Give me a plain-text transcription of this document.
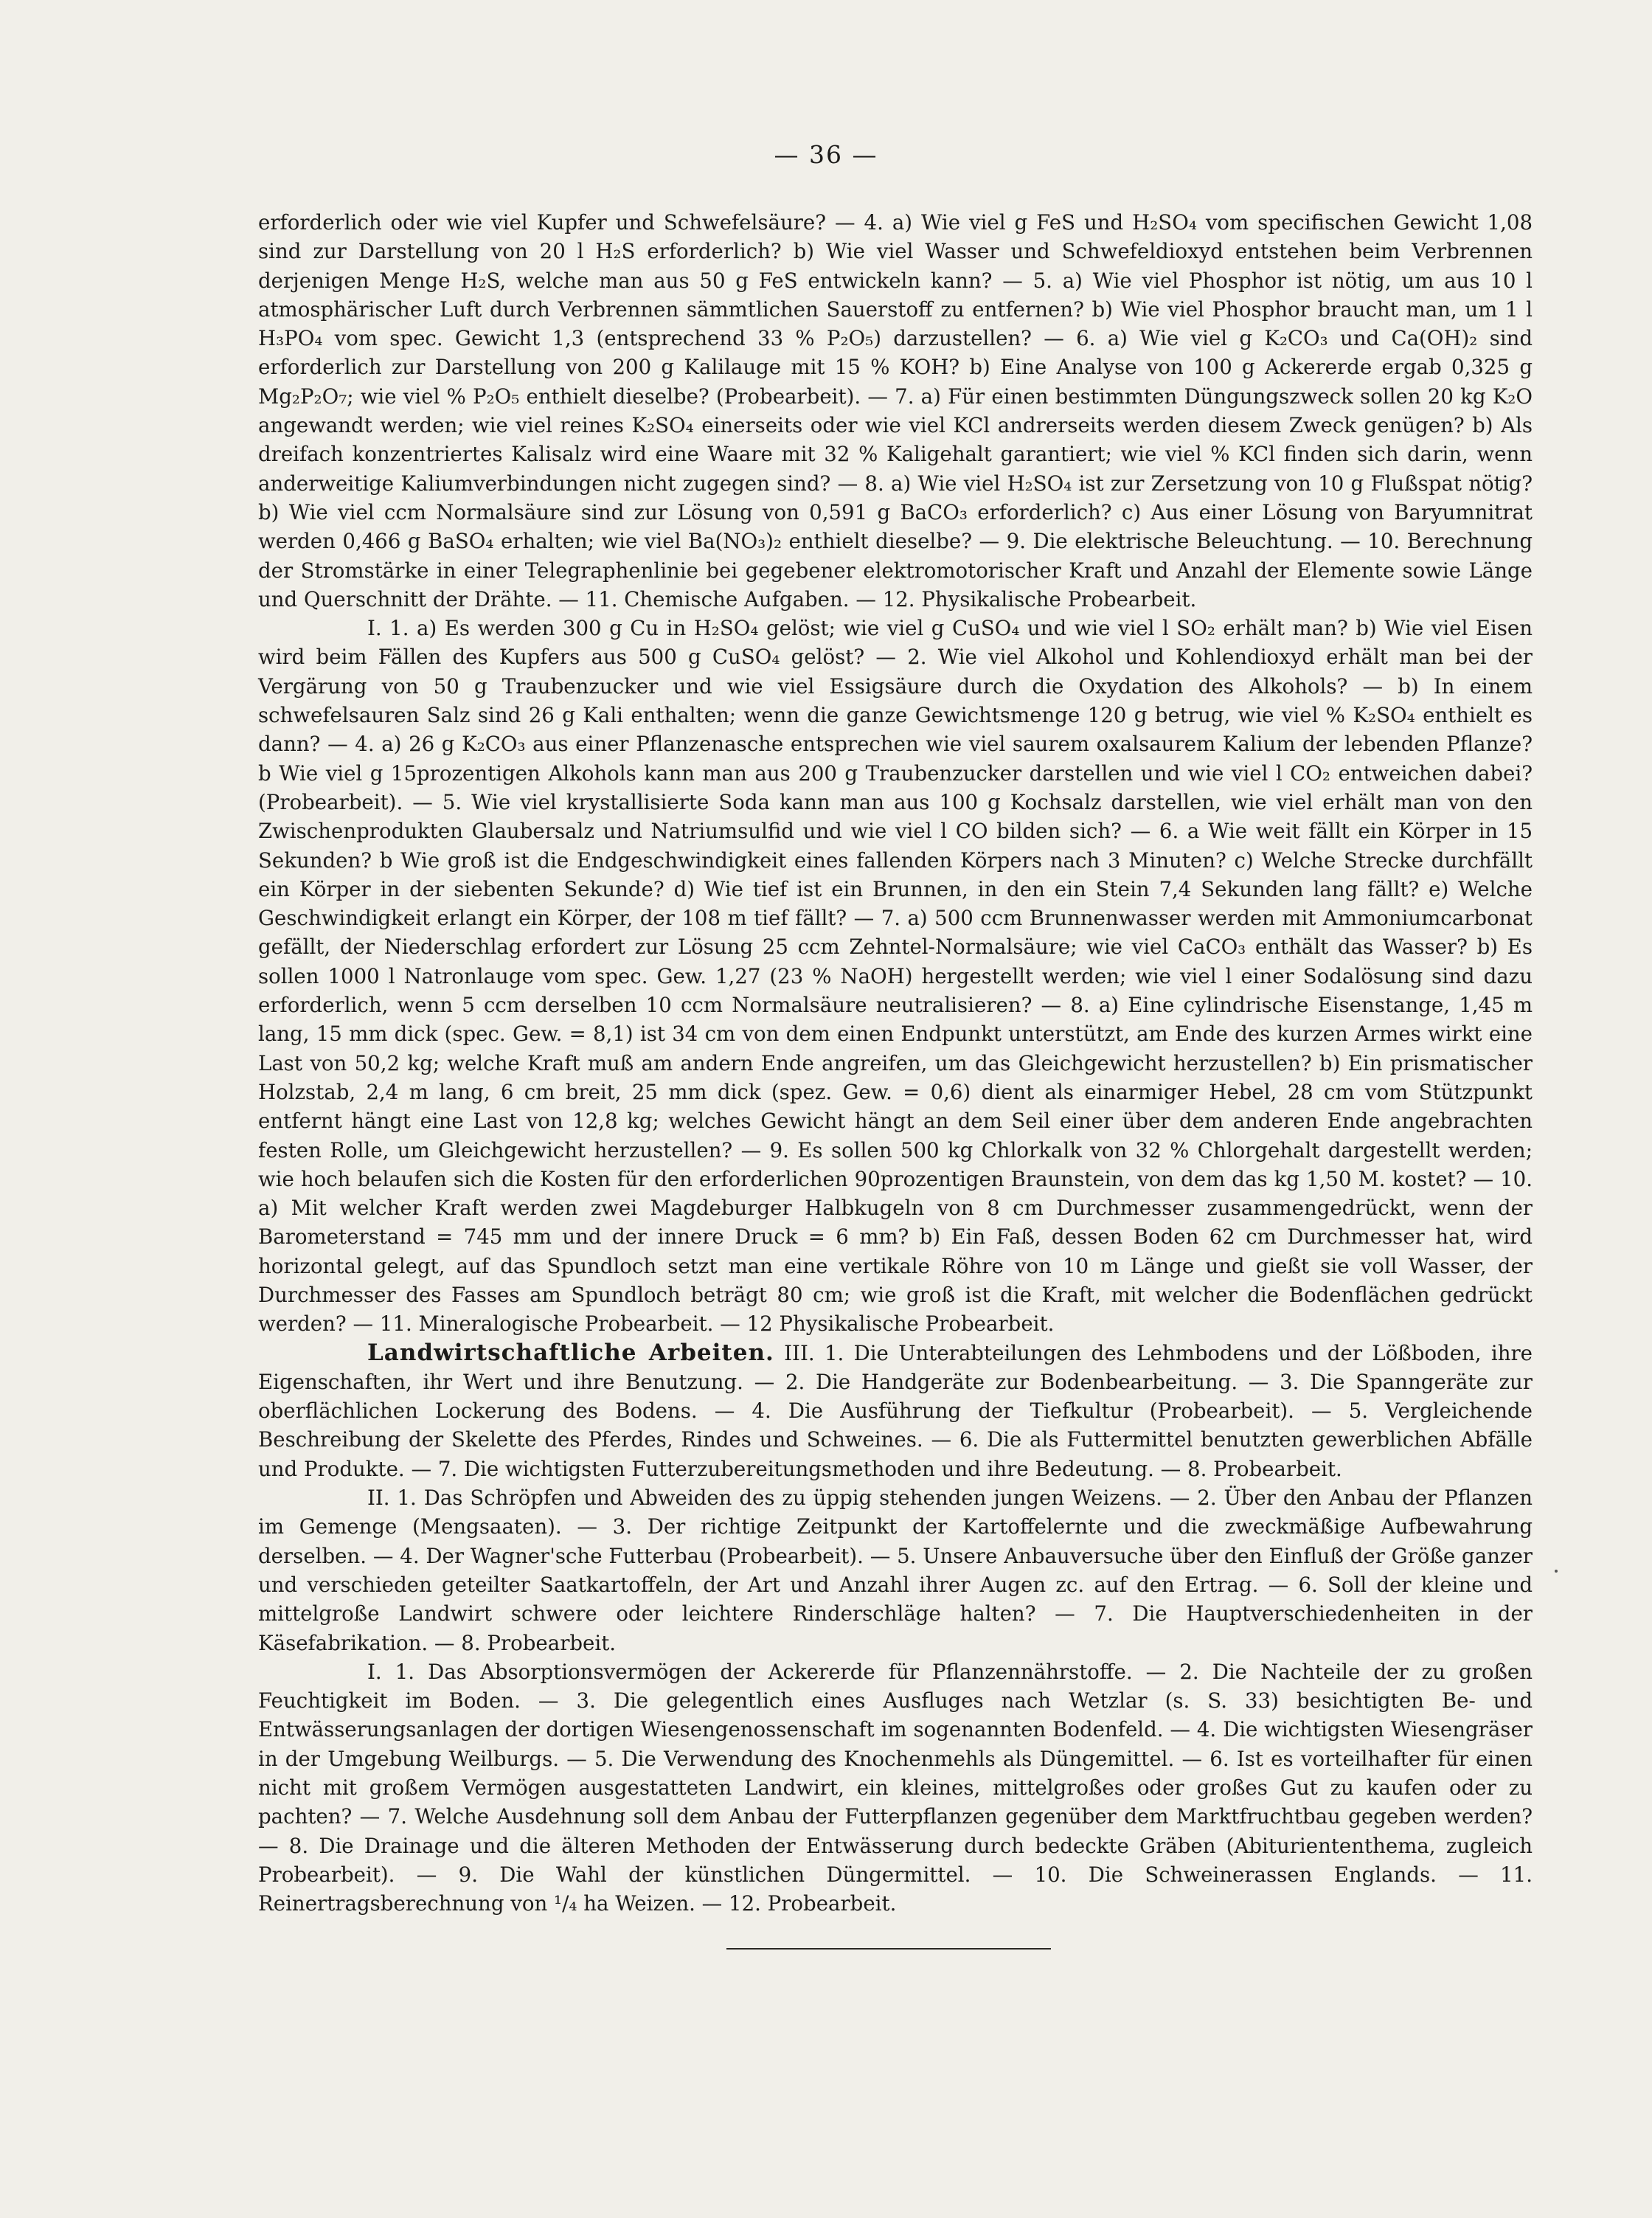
— 36 —

erforderlich oder wie viel Kupfer und Schwefelsäure? — 4. a) Wie viel g FeS und H₂SO₄ vom specifischen Gewicht 1,08 sind zur Darstellung von 20 l H₂S erforderlich? b) Wie viel Wasser und Schwefeldioxyd entstehen beim Verbrennen derjenigen Menge H₂S, welche man aus 50 g FeS entwickeln kann? — 5. a) Wie viel Phosphor ist nötig, um aus 10 l atmosphärischer Luft durch Verbrennen sämmtlichen Sauerstoff zu entfernen? b) Wie viel Phosphor braucht man, um 1 l H₃PO₄ vom spec. Gewicht 1,3 (entsprechend 33 % P₂O₅) darzustellen? — 6. a) Wie viel g K₂CO₃ und Ca(OH)₂ sind erforderlich zur Darstellung von 200 g Kalilauge mit 15 % KOH? b) Eine Analyse von 100 g Ackererde ergab 0,325 g Mg₂P₂O₇; wie viel % P₂O₅ enthielt dieselbe? (Probearbeit). — 7. a) Für einen bestimmten Düngungszweck sollen 20 kg K₂O angewandt werden; wie viel reines K₂SO₄ einerseits oder wie viel KCl andrerseits werden diesem Zweck genügen? b) Als dreifach konzentriertes Kalisalz wird eine Waare mit 32 % Kaligehalt garantiert; wie viel % KCl finden sich darin, wenn anderweitige Kaliumverbindungen nicht zugegen sind? — 8. a) Wie viel H₂SO₄ ist zur Zersetzung von 10 g Flußspat nötig? b) Wie viel ccm Normalsäure sind zur Lösung von 0,591 g BaCO₃ erforderlich? c) Aus einer Lösung von Baryumnitrat werden 0,466 g BaSO₄ erhalten; wie viel Ba(NO₃)₂ enthielt dieselbe? — 9. Die elektrische Beleuchtung. — 10. Berechnung der Stromstärke in einer Telegraphenlinie bei gegebener elektromotorischer Kraft und Anzahl der Elemente sowie Länge und Querschnitt der Drähte. — 11. Chemische Aufgaben. — 12. Physikalische Probearbeit.

I. 1. a) Es werden 300 g Cu in H₂SO₄ gelöst; wie viel g CuSO₄ und wie viel l SO₂ erhält man? b) Wie viel Eisen wird beim Fällen des Kupfers aus 500 g CuSO₄ gelöst? — 2. Wie viel Alkohol und Kohlendioxyd erhält man bei der Vergärung von 50 g Traubenzucker und wie viel Essigsäure durch die Oxydation des Alkohols? — b) In einem schwefelsauren Salz sind 26 g Kali enthalten; wenn die ganze Gewichtsmenge 120 g betrug, wie viel % K₂SO₄ enthielt es dann? — 4. a) 26 g K₂CO₃ aus einer Pflanzenasche entsprechen wie viel saurem oxalsaurem Kalium der lebenden Pflanze? b Wie viel g 15prozentigen Alkohols kann man aus 200 g Traubenzucker darstellen und wie viel l CO₂ entweichen dabei? (Probearbeit). — 5. Wie viel krystallisierte Soda kann man aus 100 g Kochsalz darstellen, wie viel erhält man von den Zwischenprodukten Glaubersalz und Natriumsulfid und wie viel l CO bilden sich? — 6. a Wie weit fällt ein Körper in 15 Sekunden? b Wie groß ist die Endgeschwindigkeit eines fallenden Körpers nach 3 Minuten? c) Welche Strecke durchfällt ein Körper in der siebenten Sekunde? d) Wie tief ist ein Brunnen, in den ein Stein 7,4 Sekunden lang fällt? e) Welche Geschwindigkeit erlangt ein Körper, der 108 m tief fällt? — 7. a) 500 ccm Brunnenwasser werden mit Ammoniumcarbonat gefällt, der Niederschlag erfordert zur Lösung 25 ccm Zehntel-Normalsäure; wie viel CaCO₃ enthält das Wasser? b) Es sollen 1000 l Natronlauge vom spec. Gew. 1,27 (23 % NaOH) hergestellt werden; wie viel l einer Sodalösung sind dazu erforderlich, wenn 5 ccm derselben 10 ccm Normalsäure neutralisieren? — 8. a) Eine cylindrische Eisenstange, 1,45 m lang, 15 mm dick (spec. Gew. = 8,1) ist 34 cm von dem einen Endpunkt unterstützt, am Ende des kurzen Armes wirkt eine Last von 50,2 kg; welche Kraft muß am andern Ende angreifen, um das Gleichgewicht herzustellen? b) Ein prismatischer Holzstab, 2,4 m lang, 6 cm breit, 25 mm dick (spez. Gew. = 0,6) dient als einarmiger Hebel, 28 cm vom Stützpunkt entfernt hängt eine Last von 12,8 kg; welches Gewicht hängt an dem Seil einer über dem anderen Ende angebrachten festen Rolle, um Gleichgewicht herzustellen? — 9. Es sollen 500 kg Chlorkalk von 32 % Chlorgehalt dargestellt werden; wie hoch belaufen sich die Kosten für den erforderlichen 90prozentigen Braunstein, von dem das kg 1,50 M. kostet? — 10. a) Mit welcher Kraft werden zwei Magdeburger Halbkugeln von 8 cm Durchmesser zusammengedrückt, wenn der Barometerstand = 745 mm und der innere Druck = 6 mm? b) Ein Faß, dessen Boden 62 cm Durchmesser hat, wird horizontal gelegt, auf das Spundloch setzt man eine vertikale Röhre von 10 m Länge und gießt sie voll Wasser, der Durchmesser des Fasses am Spundloch beträgt 80 cm; wie groß ist die Kraft, mit welcher die Bodenflächen gedrückt werden? — 11. Mineralogische Probearbeit. — 12 Physikalische Probearbeit.

Landwirtschaftliche Arbeiten. III. 1. Die Unterabteilungen des Lehmbodens und der Lößboden, ihre Eigenschaften, ihr Wert und ihre Benutzung. — 2. Die Handgeräte zur Bodenbearbeitung. — 3. Die Spanngeräte zur oberflächlichen Lockerung des Bodens. — 4. Die Ausführung der Tiefkultur (Probearbeit). — 5. Vergleichende Beschreibung der Skelette des Pferdes, Rindes und Schweines. — 6. Die als Futtermittel benutzten gewerblichen Abfälle und Produkte. — 7. Die wichtigsten Futterzubereitungsmethoden und ihre Bedeutung. — 8. Probearbeit.

II. 1. Das Schröpfen und Abweiden des zu üppig stehenden jungen Weizens. — 2. Über den Anbau der Pflanzen im Gemenge (Mengsaaten). — 3. Der richtige Zeitpunkt der Kartoffelernte und die zweckmäßige Aufbewahrung derselben. — 4. Der Wagner'sche Futterbau (Probearbeit). — 5. Unsere Anbauversuche über den Einfluß der Größe ganzer und verschieden geteilter Saatkartoffeln, der Art und Anzahl ihrer Augen zc. auf den Ertrag. — 6. Soll der kleine und mittelgroße Landwirt schwere oder leichtere Rinderschläge halten? — 7. Die Hauptverschiedenheiten in der Käsefabrikation. — 8. Probearbeit.

I. 1. Das Absorptionsvermögen der Ackererde für Pflanzennährstoffe. — 2. Die Nachteile der zu großen Feuchtigkeit im Boden. — 3. Die gelegentlich eines Ausfluges nach Wetzlar (s. S. 33) besichtigten Be- und Entwässerungsanlagen der dortigen Wiesengenossenschaft im sogenannten Bodenfeld. — 4. Die wichtigsten Wiesengräser in der Umgebung Weilburgs. — 5. Die Verwendung des Knochenmehls als Düngemittel. — 6. Ist es vorteilhafter für einen nicht mit großem Vermögen ausgestatteten Landwirt, ein kleines, mittelgroßes oder großes Gut zu kaufen oder zu pachten? — 7. Welche Ausdehnung soll dem Anbau der Futterpflanzen gegenüber dem Marktfruchtbau gegeben werden? — 8. Die Drainage und die älteren Methoden der Entwässerung durch bedeckte Gräben (Abituriententhema, zugleich Probearbeit). — 9. Die Wahl der künstlichen Düngermittel. — 10. Die Schweinerassen Englands. — 11. Reinertragsberechnung von ¹/₄ ha Weizen. — 12. Probearbeit.
